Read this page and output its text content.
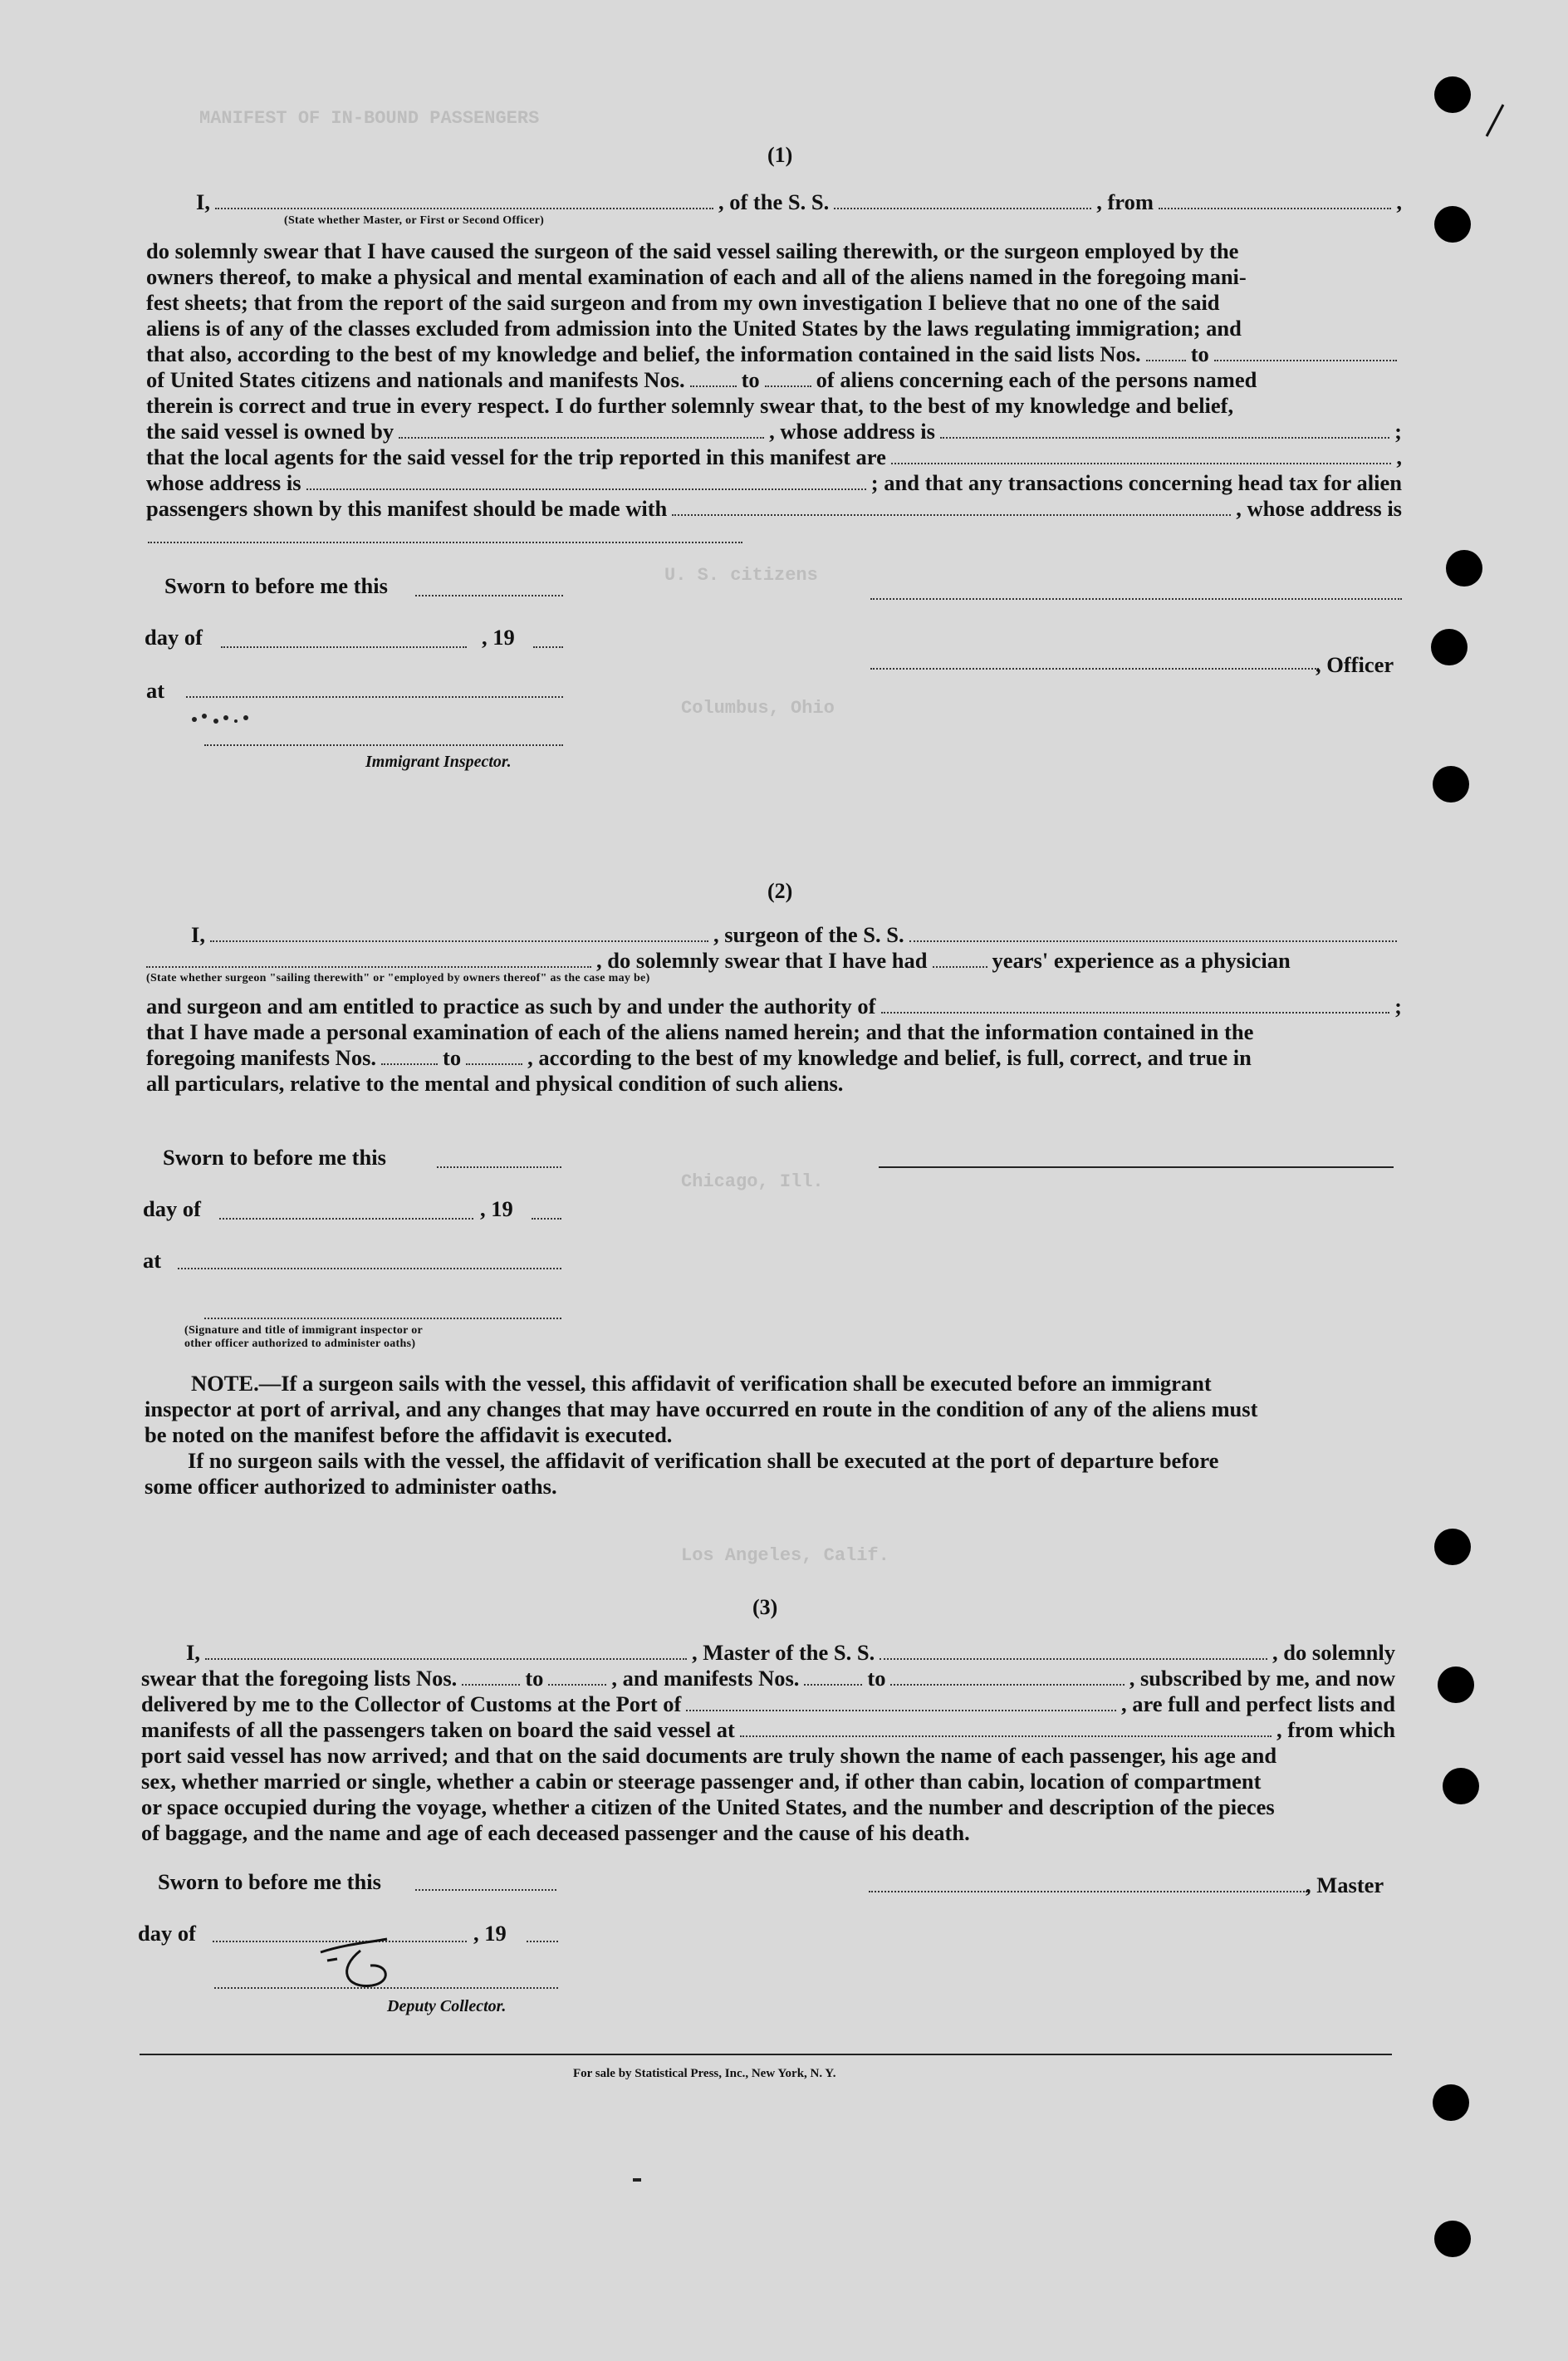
MANIFEST OF IN-BOUND PASSENGERS
U. S. citizens
Columbus, Ohio
Chicago, Ill.
Los Angeles, Calif.
(1)
I,	, of the S. S.	, from	,
(State whether Master, or First or Second Officer)
do solemnly swear that I have caused the surgeon of the said vessel sailing therewith, or the surgeon employed by the
owners thereof, to make a physical and mental examination of each and all of the aliens named in the foregoing mani-
fest sheets; that from the report of the said surgeon and from my own investigation I believe that no one of the said
aliens is of any of the classes excluded from admission into the United States by the laws regulating immigration; and
that also, according to the best of my knowledge and belief, the information contained in the said lists Nos. to
of United States citizens and nationals and manifests Nos.	to	of aliens concerning each of the persons named
therein is correct and true in every respect. I do further solemnly swear that, to the best of my knowledge and belief,
the said vessel is owned by	, whose address is	;
that the local agents for the said vessel for the trip reported in this manifest are	,
whose address is	; and that any transactions concerning head tax for alien
passengers shown by this manifest should be made with	, whose address is
Sworn to before me this
day of	, 19
at
Immigrant Inspector.
, Officer
(2)
I,	, surgeon of the S. S.
, do solemnly swear that I have had	years' experience as a physician
(State whether surgeon "sailing therewith" or "employed by owners thereof" as the case may be)
and surgeon and am entitled to practice as such by and under the authority of	;
that I have made a personal examination of each of the aliens named herein; and that the information contained in the
foregoing manifests Nos.	to	, according to the best of my knowledge and belief, is full, correct, and true in
all particulars, relative to the mental and physical condition of such aliens.
Sworn to before me this
day of	, 19
at
(Signature and title of immigrant inspector or
other officer authorized to administer oaths)
NOTE.—If a surgeon sails with the vessel, this affidavit of verification shall be executed before an immigrant
inspector at port of arrival, and any changes that may have occurred en route in the condition of any of the aliens must
be noted on the manifest before the affidavit is executed.
If no surgeon sails with the vessel, the affidavit of verification shall be executed at the port of departure before
some officer authorized to administer oaths.
(3)
I,	, Master of the S. S.	, do solemnly
swear that the foregoing lists Nos.	to	, and manifests Nos.	to	, subscribed by me, and now
delivered by me to the Collector of Customs at the Port of	, are full and perfect lists and
manifests of all the passengers taken on board the said vessel at	, from which
port said vessel has now arrived; and that on the said documents are truly shown the name of each passenger, his age and
sex, whether married or single, whether a cabin or steerage passenger and, if other than cabin, location of compartment
or space occupied during the voyage, whether a citizen of the United States, and the number and description of the pieces
of baggage, and the name and age of each deceased passenger and the cause of his death.
Sworn to before me this
day of	, 19
Deputy Collector.
, Master
For sale by Statistical Press, Inc., New York, N. Y.
